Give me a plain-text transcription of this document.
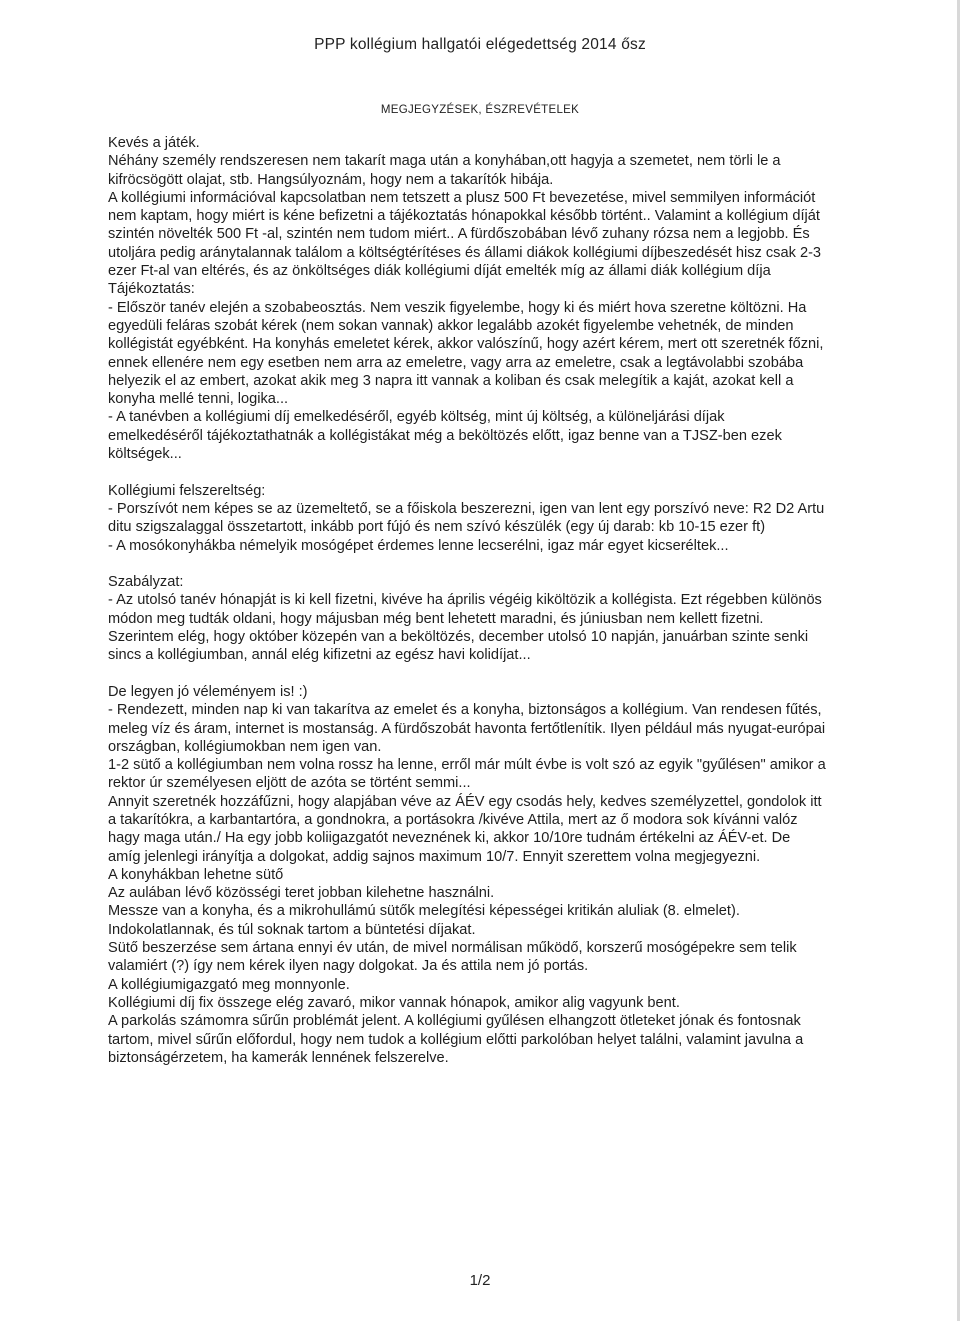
PPP kollégium hallgatói elégedettség 2014 ősz
MEGJEGYZÉSEK, ÉSZREVÉTELEK
Kevés a játék.
Néhány személy rendszeresen nem takarít maga után a konyhában,ott hagyja a szemetet, nem törli le a
kifröcsögött olajat, stb. Hangsúlyoznám, hogy nem a takarítók hibája.
A kollégiumi információval kapcsolatban nem tetszett a plusz 500 Ft bevezetése, mivel semmilyen információt
nem kaptam, hogy miért is kéne befizetni a tájékoztatás hónapokkal később történt.. Valamint a kollégium díját
szintén növelték 500 Ft -al, szintén nem tudom miért.. A fürdőszobában lévő zuhany rózsa nem a legjobb. És
utoljára pedig aránytalannak találom a költségtérítéses és állami diákok kollégiumi díjbeszedését hisz csak 2-3
ezer Ft-al van eltérés, és az önköltséges diák kollégiumi díját emelték míg az állami diák kollégium díja
Tájékoztatás:
- Először tanév elején a szobabeosztás. Nem veszik figyelembe, hogy ki és miért hova szeretne költözni. Ha
egyedüli feláras szobát kérek (nem sokan vannak) akkor legalább azokét figyelembe vehetnék, de minden
kollégistát egyébként. Ha konyhás emeletet kérek, akkor valószínű, hogy azért kérem, mert ott szeretnék főzni,
ennek ellenére nem egy esetben nem arra az emeletre, vagy arra az emeletre, csak a legtávolabbi szobába
helyezik el az embert, azokat akik meg 3 napra itt vannak a koliban és csak melegítik a kaját, azokat kell a
konyha mellé tenni, logika...
- A tanévben a kollégiumi díj emelkedéséről, egyéb költség, mint új költség, a különeljárási díjak
emelkedéséről tájékoztathatnák a kollégistákat még a beköltözés előtt, igaz benne van a TJSZ-ben ezek
költségek...
Kollégiumi felszereltség:
- Porszívót nem képes se az üzemeltető, se a főiskola beszerezni, igen van lent egy porszívó neve: R2 D2 Artu
ditu szigszalaggal összetartott, inkább port fújó és nem szívó készülék (egy új darab: kb 10-15 ezer ft)
- A mosókonyhákba némelyik mosógépet érdemes lenne lecserélni, igaz már egyet kicseréltek...
Szabályzat:
- Az utolsó tanév hónapját is ki kell fizetni, kivéve ha április végéig kiköltözik a kollégista. Ezt régebben különös
módon meg tudták oldani, hogy májusban még bent lehetett maradni, és júniusban nem kellett fizetni.
Szerintem elég, hogy október közepén van a beköltözés, december utolsó 10 napján, januárban szinte senki
sincs a kollégiumban, annál elég kifizetni az egész havi kolidíjat...
De legyen jó véleményem is! :)
- Rendezett, minden nap ki van takarítva az emelet és a konyha, biztonságos a kollégium. Van rendesen fűtés,
meleg víz és áram, internet is mostanság. A fürdőszobát havonta fertőtlenítik. Ilyen például más nyugat-európai
országban, kollégiumokban nem igen van.
1-2 sütő a kollégiumban nem volna rossz ha lenne, erről már múlt évbe is volt szó az egyik "gyűlésen" amikor a
rektor úr személyesen eljött de azóta se történt semmi...
Annyit szeretnék hozzáfűzni, hogy alapjában véve az ÁÉV egy csodás hely, kedves személyzettel, gondolok itt
a takarítókra, a karbantartóra, a gondnokra, a portásokra /kivéve Attila, mert az ő modora sok kívánni valóz
hagy maga után./ Ha egy jobb koliigazgatót neveznének ki, akkor 10/10re tudnám értékelni az ÁÉV-et. De
amíg jelenlegi irányítja a dolgokat, addig sajnos maximum 10/7. Ennyit szerettem volna megjegyezni.
A konyhákban lehetne sütő
Az aulában lévő közösségi teret jobban kilehetne használni.
Messze van a konyha, és a mikrohullámú sütők melegítési képességei kritikán aluliak (8. elmelet).
Indokolatlannak, és túl soknak tartom a büntetési díjakat.
Sütő beszerzése sem ártana ennyi év után, de mivel normálisan működő, korszerű mosógépekre sem telik
valamiért (?) így nem kérek ilyen nagy dolgokat. Ja és attila nem jó portás.
A kollégiumigazgató meg monnyonle.
Kollégiumi díj fix összege elég zavaró, mikor vannak hónapok, amikor alig vagyunk bent.
A parkolás számomra sűrűn problémát jelent. A kollégiumi gyűlésen elhangzott ötleteket jónak és fontosnak
tartom, mivel sűrűn előfordul, hogy nem tudok a kollégium előtti parkolóban helyet találni, valamint javulna a
biztonságérzetem, ha kamerák lennének felszerelve.
1/2
